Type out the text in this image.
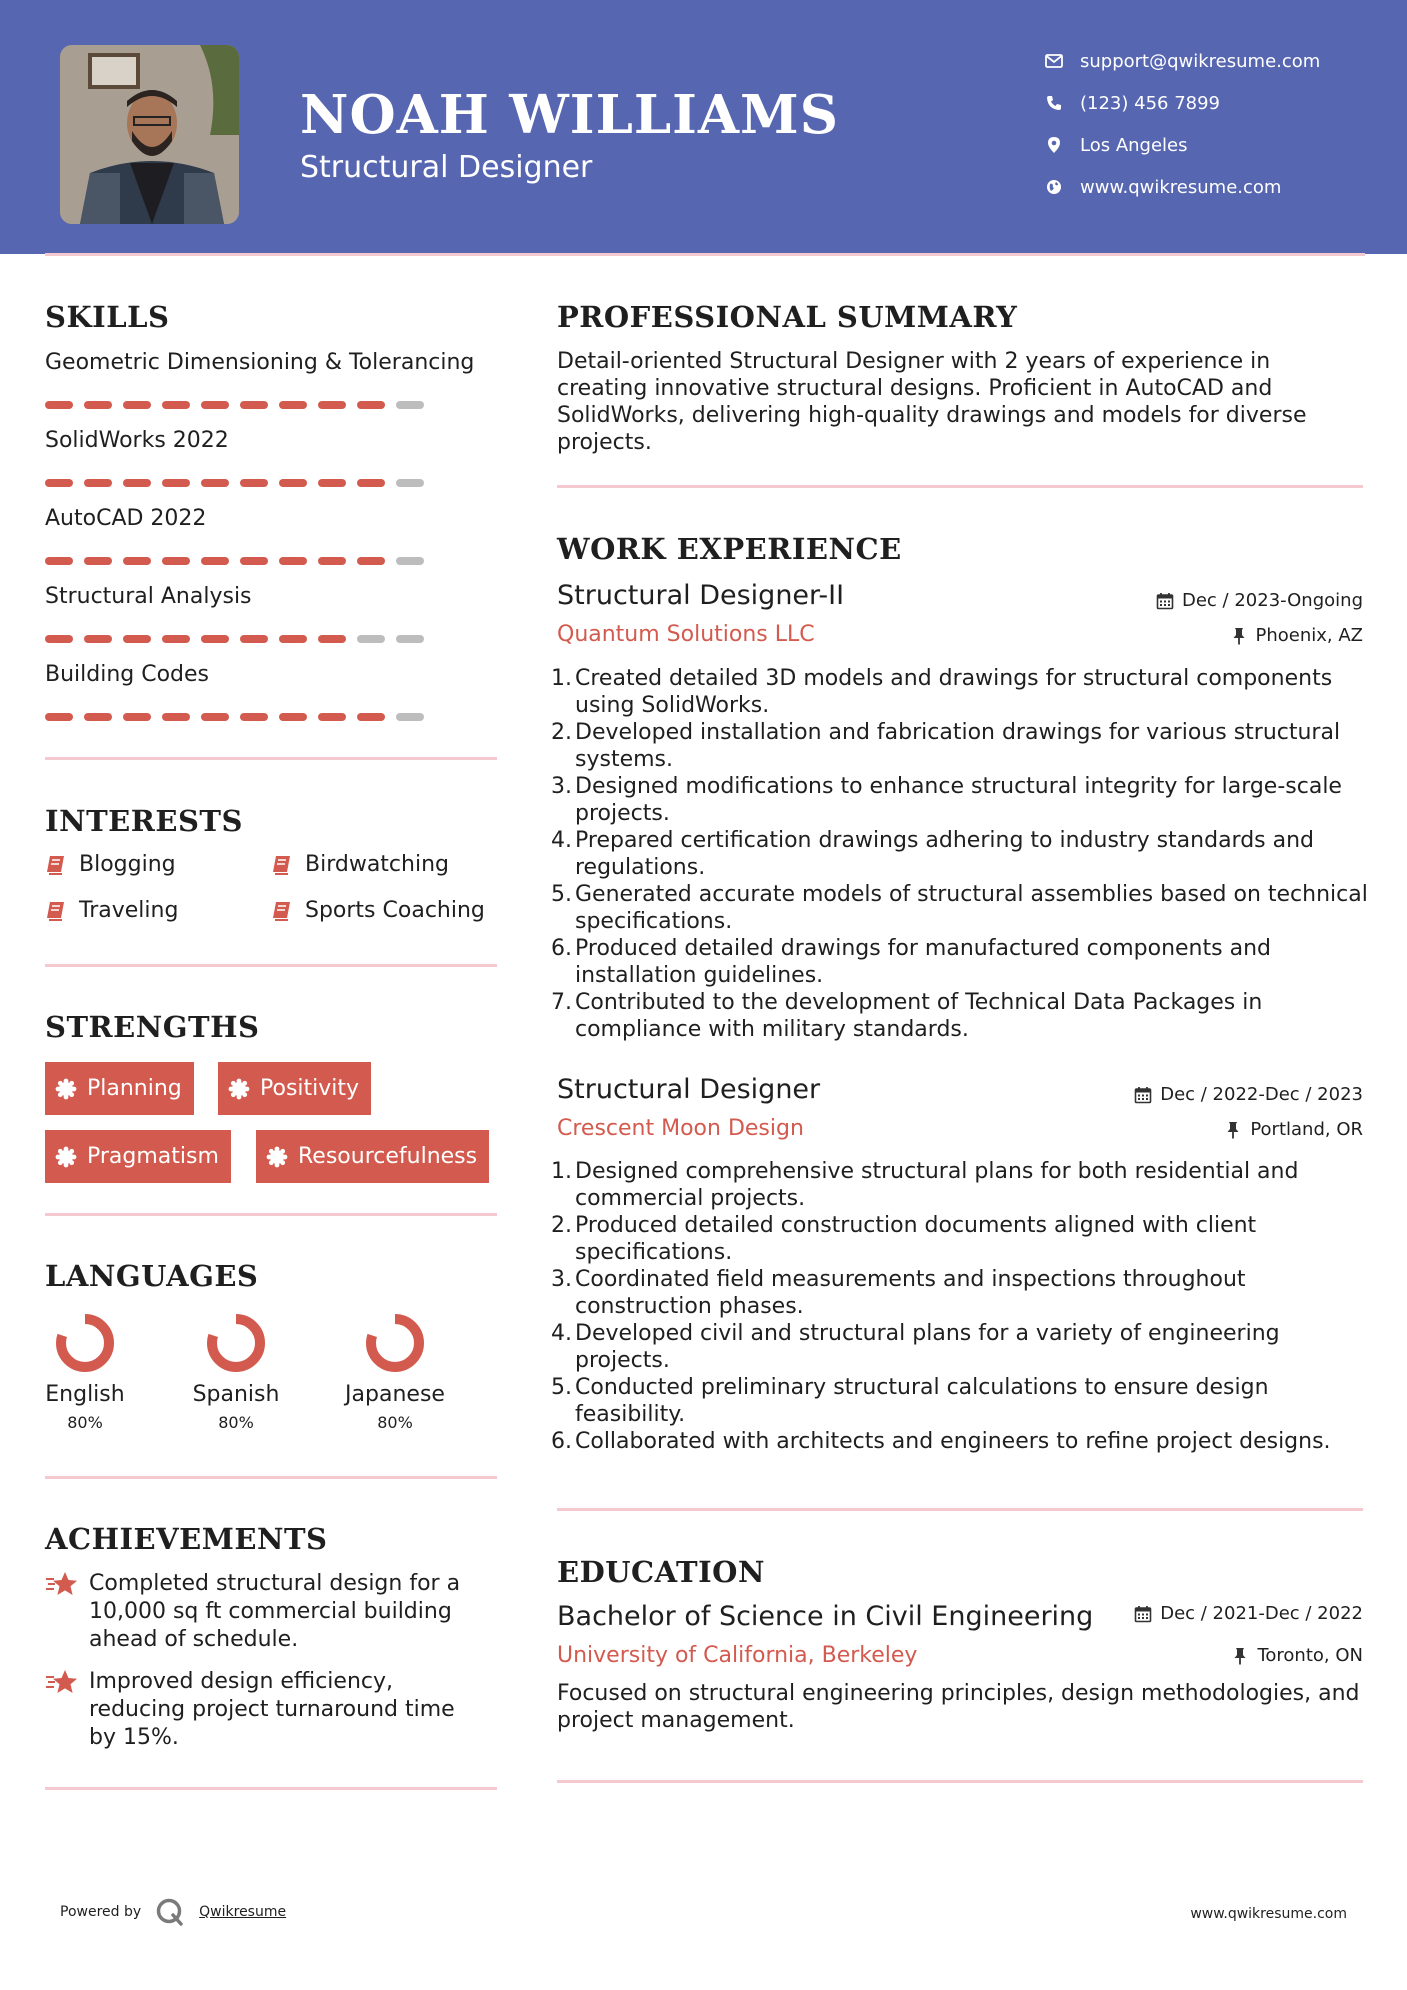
NOAH WILLIAMS
Structural Designer
support@qwikresume.com
(123) 456 7899
Los Angeles
www.qwikresume.com
SKILLS
Geometric Dimensioning & Tolerancing
SolidWorks 2022
AutoCAD 2022
Structural Analysis
Building Codes
INTERESTS
Blogging	Birdwatching
Traveling	Sports Coaching
STRENGTHS
Planning	Positivity
Pragmatism	Resourcefulness
LANGUAGES
English
80%
Spanish
80%
Japanese
80%
ACHIEVEMENTS
Completed structural design for a 10,000 sq ft commercial building ahead of schedule.
Improved design efficiency, reducing project turnaround time by 15%.
PROFESSIONAL SUMMARY
Detail-oriented Structural Designer with 2 years of experience in creating innovative structural designs. Proficient in AutoCAD and SolidWorks, delivering high-quality drawings and models for diverse projects.
WORK EXPERIENCE
Structural Designer-II	Dec / 2023-Ongoing
Quantum Solutions LLC	Phoenix, AZ
1. Created detailed 3D models and drawings for structural components using SolidWorks.
2. Developed installation and fabrication drawings for various structural systems.
3. Designed modifications to enhance structural integrity for large-scale projects.
4. Prepared certification drawings adhering to industry standards and regulations.
5. Generated accurate models of structural assemblies based on technical specifications.
6. Produced detailed drawings for manufactured components and installation guidelines.
7. Contributed to the development of Technical Data Packages in compliance with military standards.
Structural Designer	Dec / 2022-Dec / 2023
Crescent Moon Design	Portland, OR
1. Designed comprehensive structural plans for both residential and commercial projects.
2. Produced detailed construction documents aligned with client specifications.
3. Coordinated field measurements and inspections throughout construction phases.
4. Developed civil and structural plans for a variety of engineering projects.
5. Conducted preliminary structural calculations to ensure design feasibility.
6. Collaborated with architects and engineers to refine project designs.
EDUCATION
Bachelor of Science in Civil Engineering	Dec / 2021-Dec / 2022
University of California, Berkeley	Toronto, ON
Focused on structural engineering principles, design methodologies, and project management.
Powered by	Qwikresume	www.qwikresume.com
